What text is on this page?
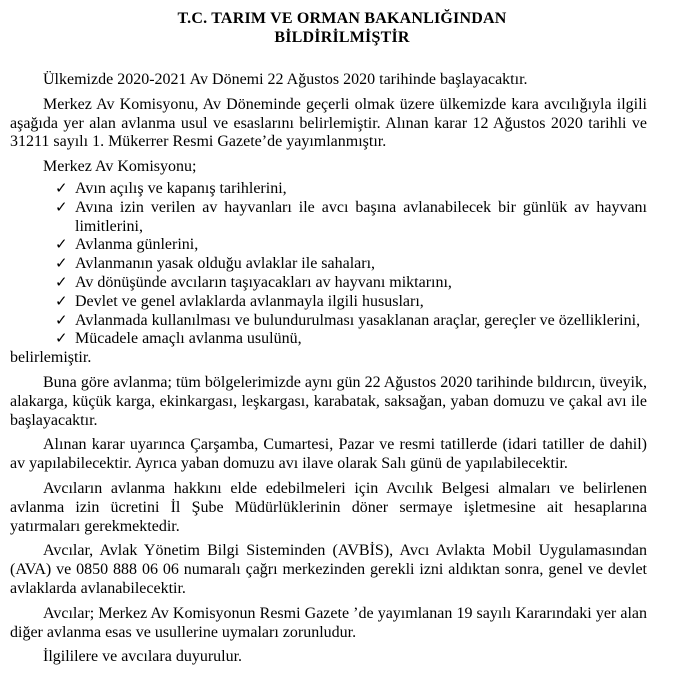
T.C. TARIM VE ORMAN BAKANLIĞINDAN
BİLDİRİLMİŞTİR

Ülkemizde 2020-2021 Av Dönemi 22 Ağustos 2020 tarihinde başlayacaktır.

Merkez Av Komisyonu, Av Döneminde geçerli olmak üzere ülkemizde kara avcılığıyla ilgili aşağıda yer alan avlanma usul ve esaslarını belirlemiştir. Alınan karar 12 Ağustos 2020 tarihli ve 31211 sayılı 1. Mükerrer Resmi Gazete’de yayımlanmıştır.

Merkez Av Komisyonu;

✓ Avın açılış ve kapanış tarihlerini,
✓ Avına izin verilen av hayvanları ile avcı başına avlanabilecek bir günlük av hayvanı limitlerini,
✓ Avlanma günlerini,
✓ Avlanmanın yasak olduğu avlaklar ile sahaları,
✓ Av dönüşünde avcıların taşıyacakları av hayvanı miktarını,
✓ Devlet ve genel avlaklarda avlanmayla ilgili hususları,
✓ Avlanmada kullanılması ve bulundurulması yasaklanan araçlar, gereçler ve özelliklerini,
✓ Mücadele amaçlı avlanma usulünü,

belirlemiştir.

Buna göre avlanma; tüm bölgelerimizde aynı gün 22 Ağustos 2020 tarihinde bıldırcın, üveyik, alakarga, küçük karga, ekinkargası, leşkargası, karabatak, saksağan, yaban domuzu ve çakal avı ile başlayacaktır.

Alınan karar uyarınca Çarşamba, Cumartesi, Pazar ve resmi tatillerde (idari tatiller de dahil) av yapılabilecektir. Ayrıca yaban domuzu avı ilave olarak Salı günü de yapılabilecektir.

Avcıların avlanma hakkını elde edebilmeleri için Avcılık Belgesi almaları ve belirlenen avlanma izin ücretini İl Şube Müdürlüklerinin döner sermaye işletmesine ait hesaplarına yatırmaları gerekmektedir.

Avcılar, Avlak Yönetim Bilgi Sisteminden (AVBİS), Avcı Avlakta Mobil Uygulamasından (AVA) ve 0850 888 06 06 numaralı çağrı merkezinden gerekli izni aldıktan sonra, genel ve devlet avlaklarda avlanabilecektir.

Avcılar; Merkez Av Komisyonun Resmi Gazete ’de yayımlanan 19 sayılı Kararındaki yer alan diğer avlanma esas ve usullerine uymaları zorunludur.

İlgililere ve avcılara duyurulur.
